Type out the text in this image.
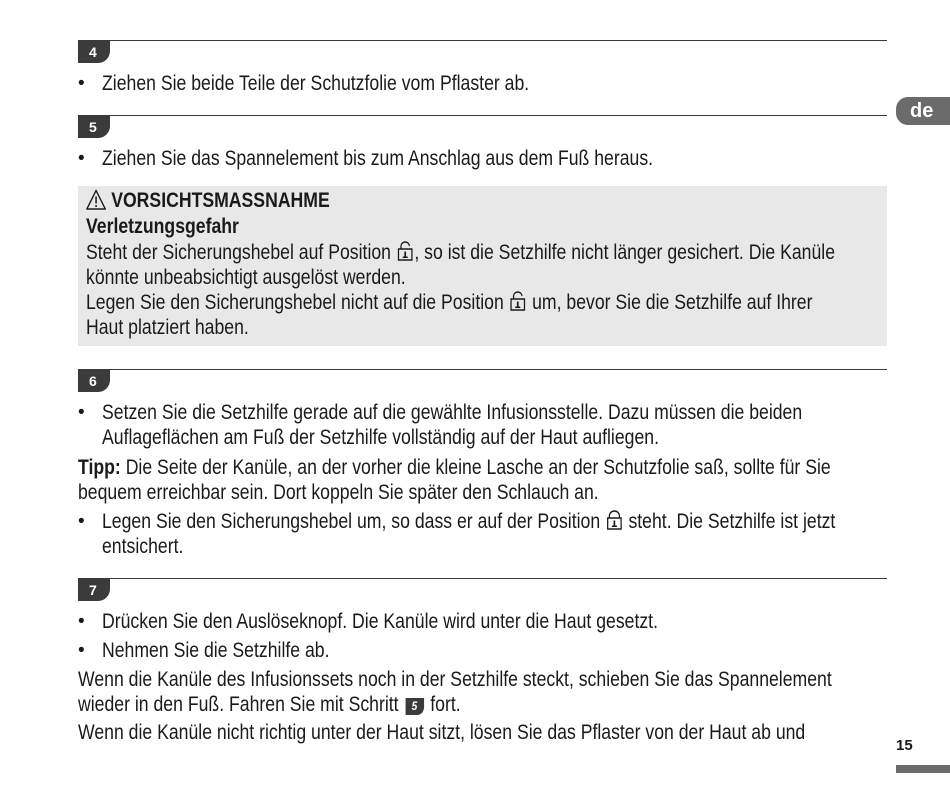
de
4
• Ziehen Sie beide Teile der Schutzfolie vom Pflaster ab.
5
• Ziehen Sie das Spannelement bis zum Anschlag aus dem Fuß heraus.
VORSICHTSMASSNAHME
Verletzungsgefahr
Steht der Sicherungshebel auf Position , so ist die Setzhilfe nicht länger gesichert. Die Kanüle
könnte unbeabsichtigt ausgelöst werden.
Legen Sie den Sicherungshebel nicht auf die Position  um, bevor Sie die Setzhilfe auf Ihrer
Haut platziert haben.
6
• Setzen Sie die Setzhilfe gerade auf die gewählte Infusionsstelle. Dazu müssen die beiden
Auflageflächen am Fuß der Setzhilfe vollständig auf der Haut aufliegen.
Tipp: Die Seite der Kanüle, an der vorher die kleine Lasche an der Schutzfolie saß, sollte für Sie
bequem erreichbar sein. Dort koppeln Sie später den Schlauch an.
• Legen Sie den Sicherungshebel um, so dass er auf der Position  steht. Die Setzhilfe ist jetzt
entsichert.
7
• Drücken Sie den Auslöseknopf. Die Kanüle wird unter die Haut gesetzt.
• Nehmen Sie die Setzhilfe ab.
Wenn die Kanüle des Infusionssets noch in der Setzhilfe steckt, schieben Sie das Spannelement
wieder in den Fuß. Fahren Sie mit Schritt 5 fort.
Wenn die Kanüle nicht richtig unter der Haut sitzt, lösen Sie das Pflaster von der Haut ab und
15
